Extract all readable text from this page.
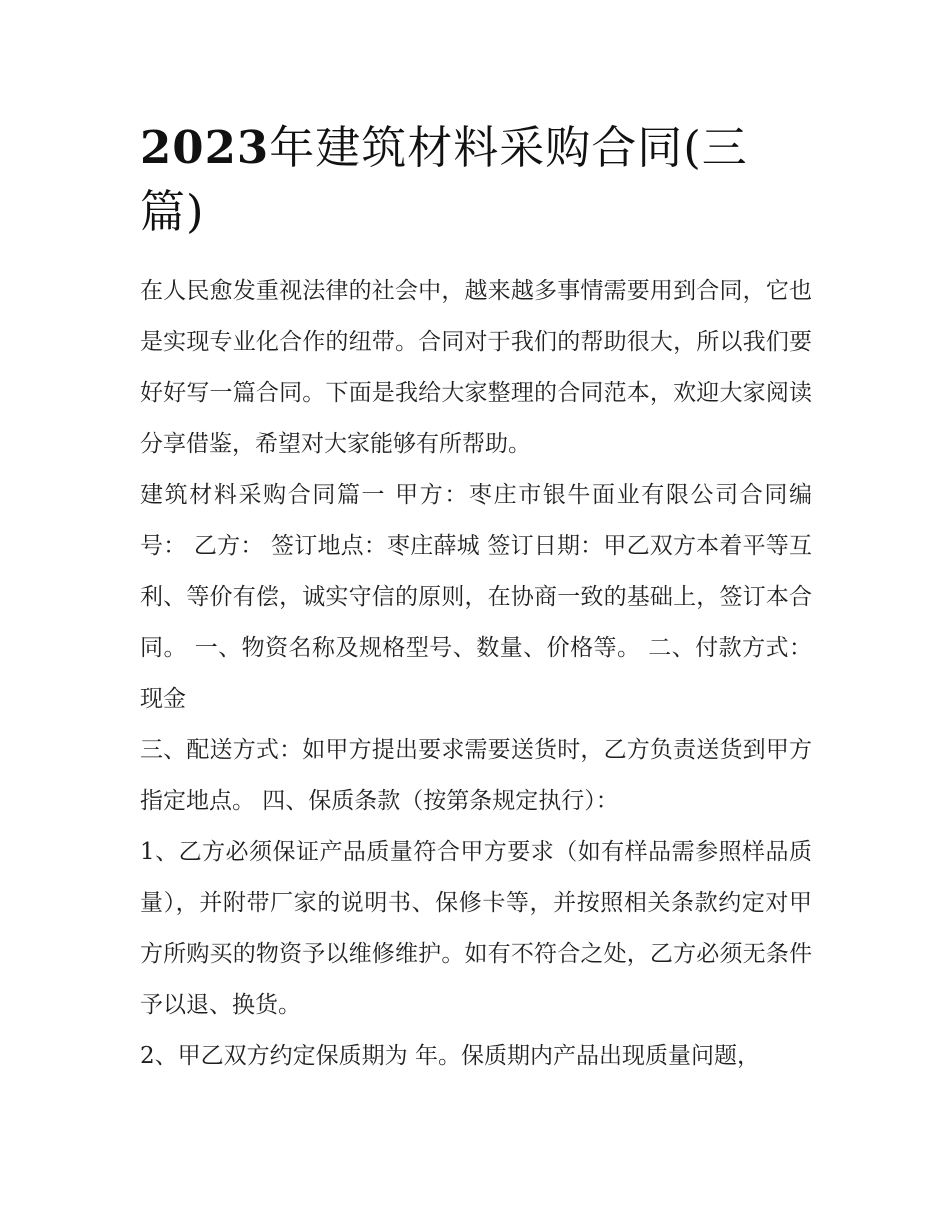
2023年建筑材料采购合同(三篇)

在人民愈发重视法律的社会中，越来越多事情需要用到合同，它也是实现专业化合作的纽带。合同对于我们的帮助很大，所以我们要好好写一篇合同。下面是我给大家整理的合同范本，欢迎大家阅读分享借鉴，希望对大家能够有所帮助。

建筑材料采购合同篇一 甲方：枣庄市银牛面业有限公司合同编号： 乙方： 签订地点：枣庄薛城 签订日期：甲乙双方本着平等互利、等价有偿，诚实守信的原则，在协商一致的基础上，签订本合同。 一、物资名称及规格型号、数量、价格等。 二、付款方式：现金

三、配送方式：如甲方提出要求需要送货时，乙方负责送货到甲方指定地点。 四、保质条款（按第条规定执行）：

1、乙方必须保证产品质量符合甲方要求（如有样品需参照样品质量），并附带厂家的说明书、保修卡等，并按照相关条款约定对甲方所购买的物资予以维修维护。如有不符合之处，乙方必须无条件予以退、换货。

2、甲乙双方约定保质期为 年。保质期内产品出现质量问题，
